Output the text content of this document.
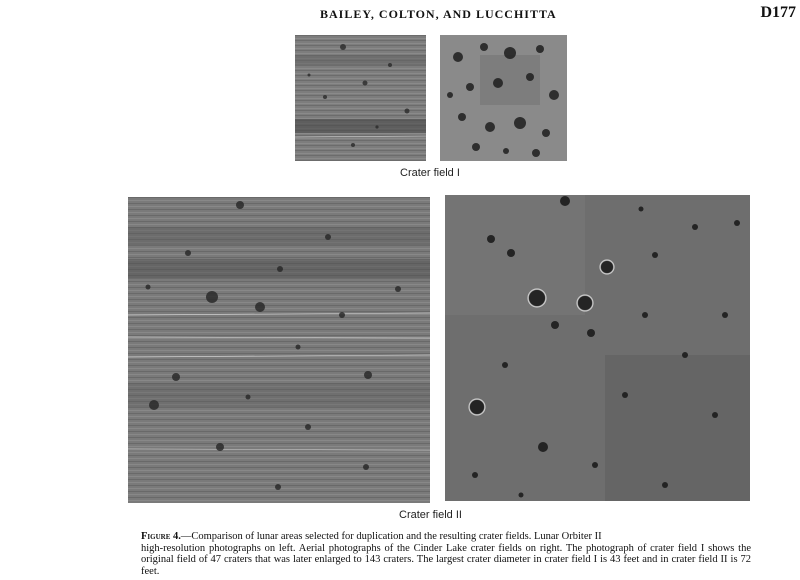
BAILEY, COLTON, AND LUCCHITTA	D177
Crater field I
Crater field II
Figure 4.—Comparison of lunar areas selected for duplication and the resulting crater fields. Lunar Orbiter II
high-resolution photographs on left. Aerial photographs of the Cinder Lake crater fields on right. The photograph of crater field I shows the original field of 47 craters that was later enlarged to 143 craters. The largest crater diameter in crater field I is 43 feet and in crater field II is 72 feet.
